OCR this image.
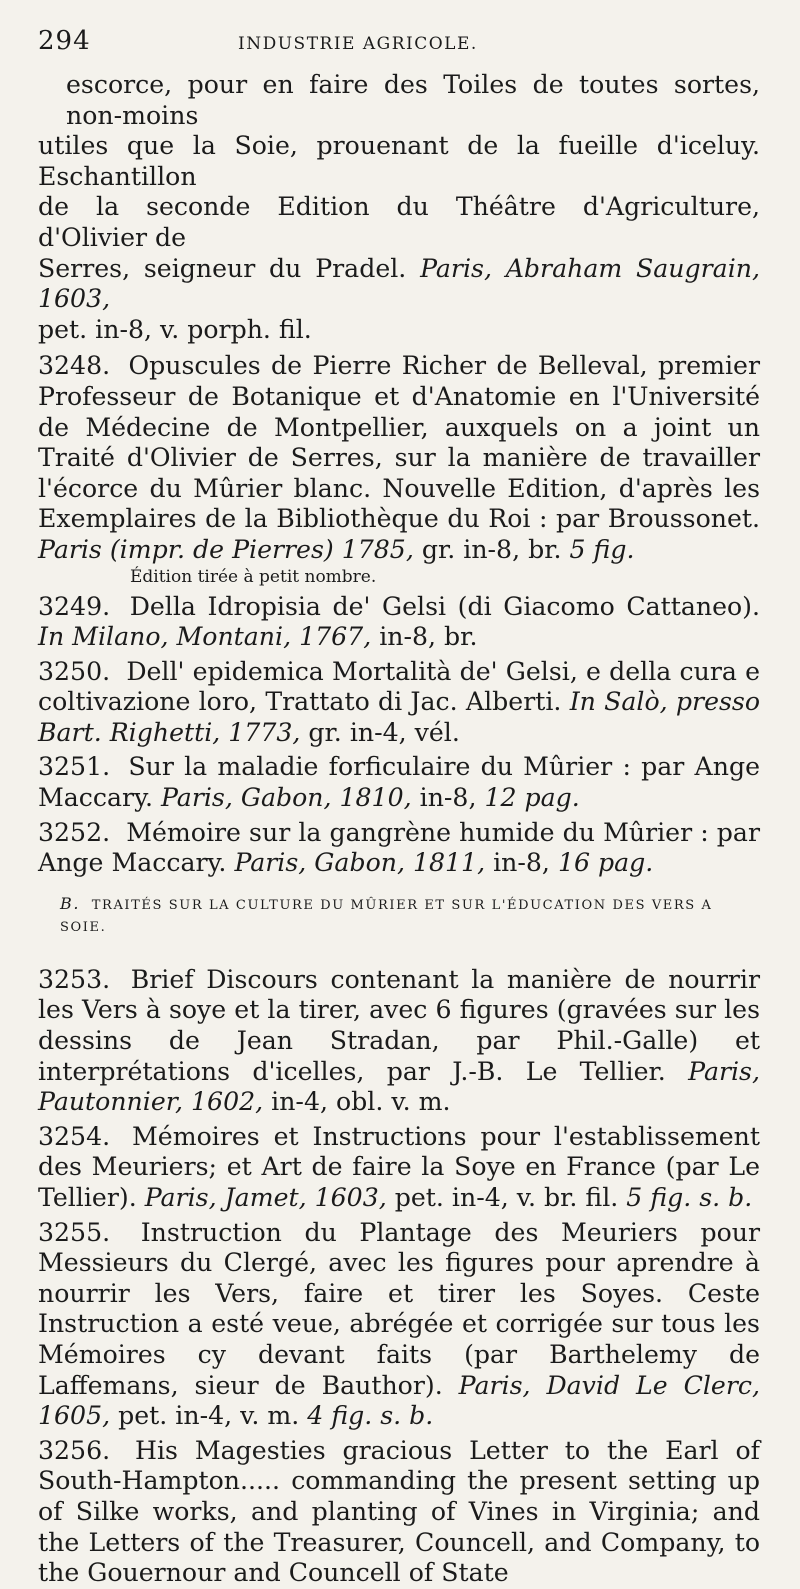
294	INDUSTRIE AGRICOLE.

escorce, pour en faire des Toiles de toutes sortes, non-moins

utiles que la Soie, prouenant de la fueille d'iceluy. Eschantillon

de la seconde Edition du Théâtre d'Agriculture, d'Olivier de

Serres, seigneur du Pradel. Paris, Abraham Saugrain, 1603,

pet. in-8, v. porph. fil.

3248. Opuscules de Pierre Richer de Belleval, premier Professeur de Botanique et d'Anatomie en l'Université de Médecine de Montpellier, auxquels on a joint un Traité d'Olivier de Serres, sur la manière de travailler l'écorce du Mûrier blanc. Nouvelle Edition, d'après les Exemplaires de la Bibliothèque du Roi : par Broussonet. Paris (impr. de Pierres) 1785, gr. in-8, br. 5 fig.

Édition tirée à petit nombre.

3249. Della Idropisia de' Gelsi (di Giacomo Cattaneo). In Milano, Montani, 1767, in-8, br.

3250. Dell' epidemica Mortalità de' Gelsi, e della cura e coltivazione loro, Trattato di Jac. Alberti. In Salò, presso Bart. Righetti, 1773, gr. in-4, vél.

3251. Sur la maladie forficulaire du Mûrier : par Ange Maccary. Paris, Gabon, 1810, in-8, 12 pag.

3252. Mémoire sur la gangrène humide du Mûrier : par Ange Maccary. Paris, Gabon, 1811, in-8, 16 pag.

B. TRAITÉS SUR LA CULTURE DU MÛRIER ET SUR L'ÉDUCATION DES VERS A SOIE.

3253. Brief Discours contenant la manière de nourrir les Vers à soye et la tirer, avec 6 figures (gravées sur les dessins de Jean Stradan, par Phil.-Galle) et interprétations d'icelles, par J.-B. Le Tellier. Paris, Pautonnier, 1602, in-4, obl. v. m.

3254. Mémoires et Instructions pour l'establissement des Meuriers; et Art de faire la Soye en France (par Le Tellier). Paris, Jamet, 1603, pet. in-4, v. br. fil. 5 fig. s. b.

3255. Instruction du Plantage des Meuriers pour Messieurs du Clergé, avec les figures pour aprendre à nourrir les Vers, faire et tirer les Soyes. Ceste Instruction a esté veue, abrégée et corrigée sur tous les Mémoires cy devant faits (par Barthelemy de Laffemans, sieur de Bauthor). Paris, David Le Clerc, 1605, pet. in-4, v. m. 4 fig. s. b.

3256. His Magesties gracious Letter to the Earl of South-Hampton..... commanding the present setting up of Silke works, and planting of Vines in Virginia; and the Letters of the Treasurer, Councell, and Company, to the Gouernour and Councell of State
